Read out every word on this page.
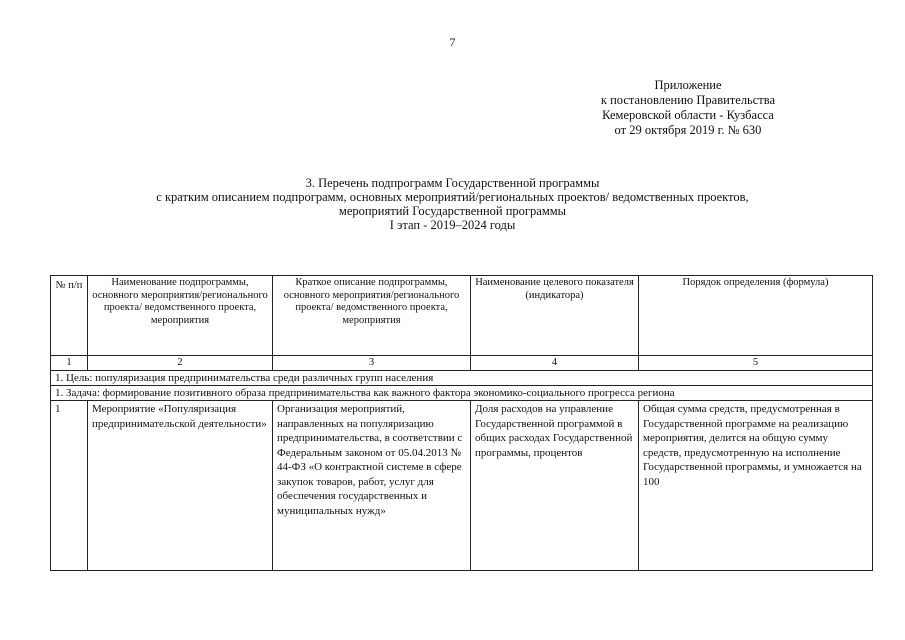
7
Приложение
к постановлению Правительства
Кемеровской области - Кузбасса
от 29 октября 2019 г. № 630
3. Перечень подпрограмм Государственной программы
с кратким описанием подпрограмм, основных мероприятий/региональных проектов/ ведомственных проектов,
мероприятий Государственной программы
I этап - 2019–2024 годы
№ п/п	Наименование подпрограммы, основного мероприятия/регионального проекта/ ведомственного проекта, мероприятия	Краткое описание подпрограммы, основного мероприятия/регионального проекта/ ведомственного проекта, мероприятия	Наименование целевого показателя (индикатора)	Порядок определения (формула)
1	2	3	4	5
1. Цель: популяризация предпринимательства среди различных групп населения				
1. Задача: формирование позитивного образа предпринимательства как важного фактора экономико-социального прогресса региона				
1	Мероприятие «Популяризация предпринимательской деятельности»	Организация мероприятий, направленных на популяризацию предпринимательства, в соответствии с Федеральным законом от 05.04.2013 № 44-ФЗ «О контрактной системе в сфере закупок товаров, работ, услуг для обеспечения государственных и муниципальных нужд»	Доля расходов на управление Государственной программой в общих расходах Государственной программы, процентов	Общая сумма средств, предусмотренная в Государственной программе на реализацию мероприятия, делится на общую сумму средств, предусмотренную на исполнение Государственной программы, и умножается на 100
